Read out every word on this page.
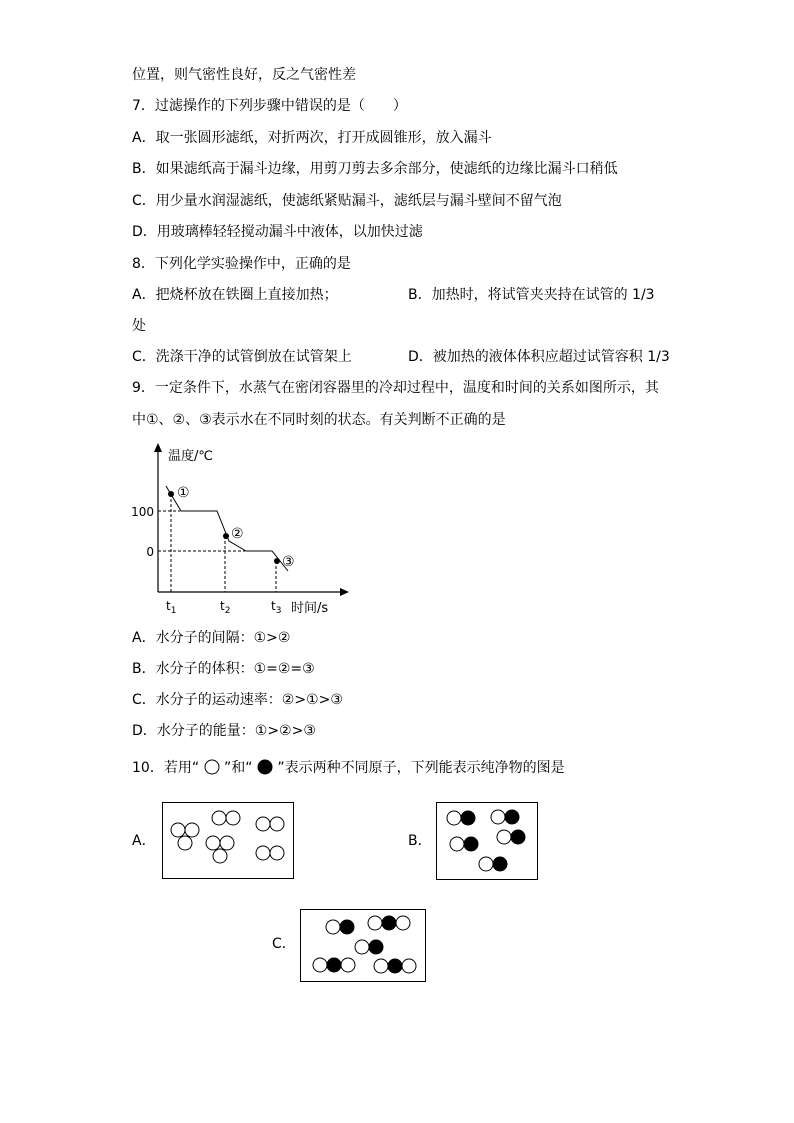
位置，则气密性良好，反之气密性差
7．过滤操作的下列步骤中错误的是（　　）
A．取一张圆形滤纸，对折两次，打开成圆锥形，放入漏斗
B．如果滤纸高于漏斗边缘，用剪刀剪去多余部分，使滤纸的边缘比漏斗口稍低
C．用少量水润湿滤纸，使滤纸紧贴漏斗，滤纸层与漏斗壁间不留气泡
D．用玻璃棒轻轻搅动漏斗中液体，以加快过滤
8．下列化学实验操作中，正确的是
A．把烧杯放在铁圈上直接加热；	B．加热时，将试管夹夹持在试管的 1/3
处
C．洗涤干净的试管倒放在试管架上	D．被加热的液体体积应超过试管容积 1/3
9．一定条件下，水蒸气在密闭容器里的冷却过程中，温度和时间的关系如图所示，其
中①、②、③表示水在不同时刻的状态。有关判断不正确的是
温度/℃
时间/s
100
0
①
②
③
$t_1$	$t_2$	$t_3$
A．水分子的间隔：①>②
B．水分子的体积：①=②=③
C．水分子的运动速率：②>①>③
D．水分子的能量：①>②>③
10．若用“  ”和“  ”表示两种不同原子，下列能表示纯净物的图是
A．	B．
C．
